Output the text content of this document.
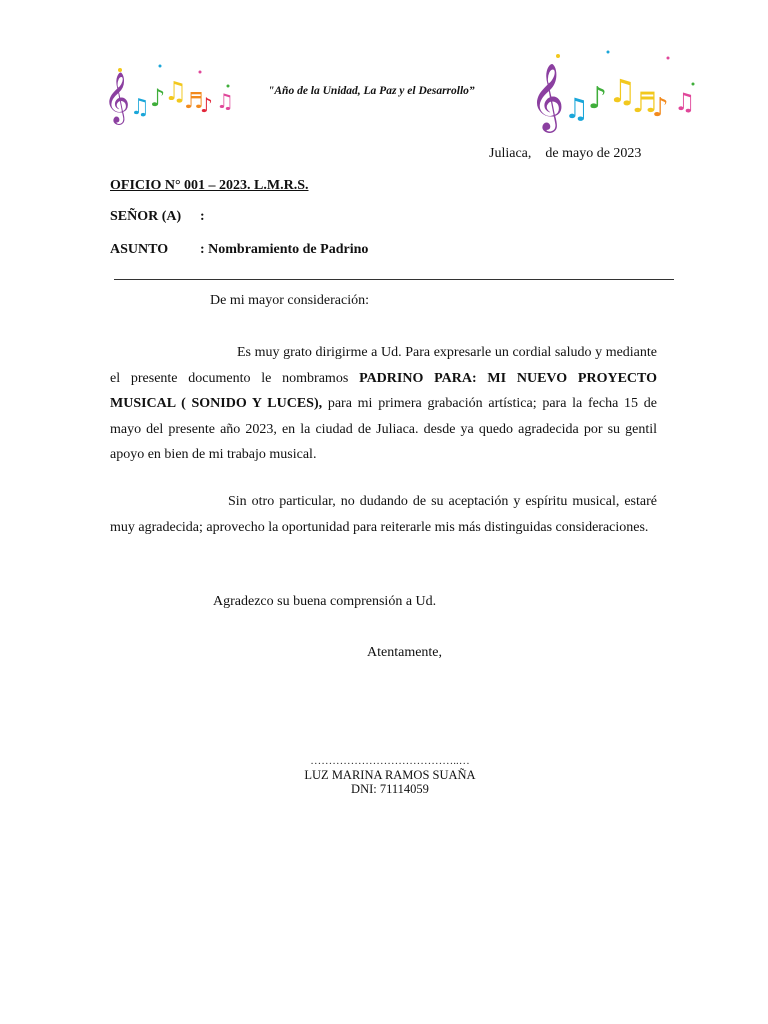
𝄞 ♫ ♪
♫
♬
♪ ♫	"Año de la Unidad, La Paz y el Desarrollo” 𝄞 ♫
♪ ♫
♬
♪ ♫
Juliaca, de mayo de 2023
OFICIO N° 001 – 2023. L.M.R.S.
SEÑOR (A)	:
ASUNTO	: Nombramiento de Padrino
De mi mayor consideración:
Es muy grato dirigirme a Ud. Para expresarle un cordial saludo y mediante el presente documento le nombramos PADRINO PARA: MI NUEVO PROYECTO MUSICAL ( SONIDO Y LUCES), para mi primera grabación artística; para la fecha 15 de mayo del presente año 2023, en la ciudad de Juliaca. desde ya quedo agradecida por su gentil apoyo en bien de mi trabajo musical.
Sin otro particular, no dudando de su aceptación y espíritu musical, estaré muy agradecida; aprovecho la oportunidad para reiterarle mis más distinguidas consideraciones.
Agradezco su buena comprensión a Ud.
Atentamente,
…………………………………..…
LUZ MARINA RAMOS SUAÑA
DNI: 71114059
